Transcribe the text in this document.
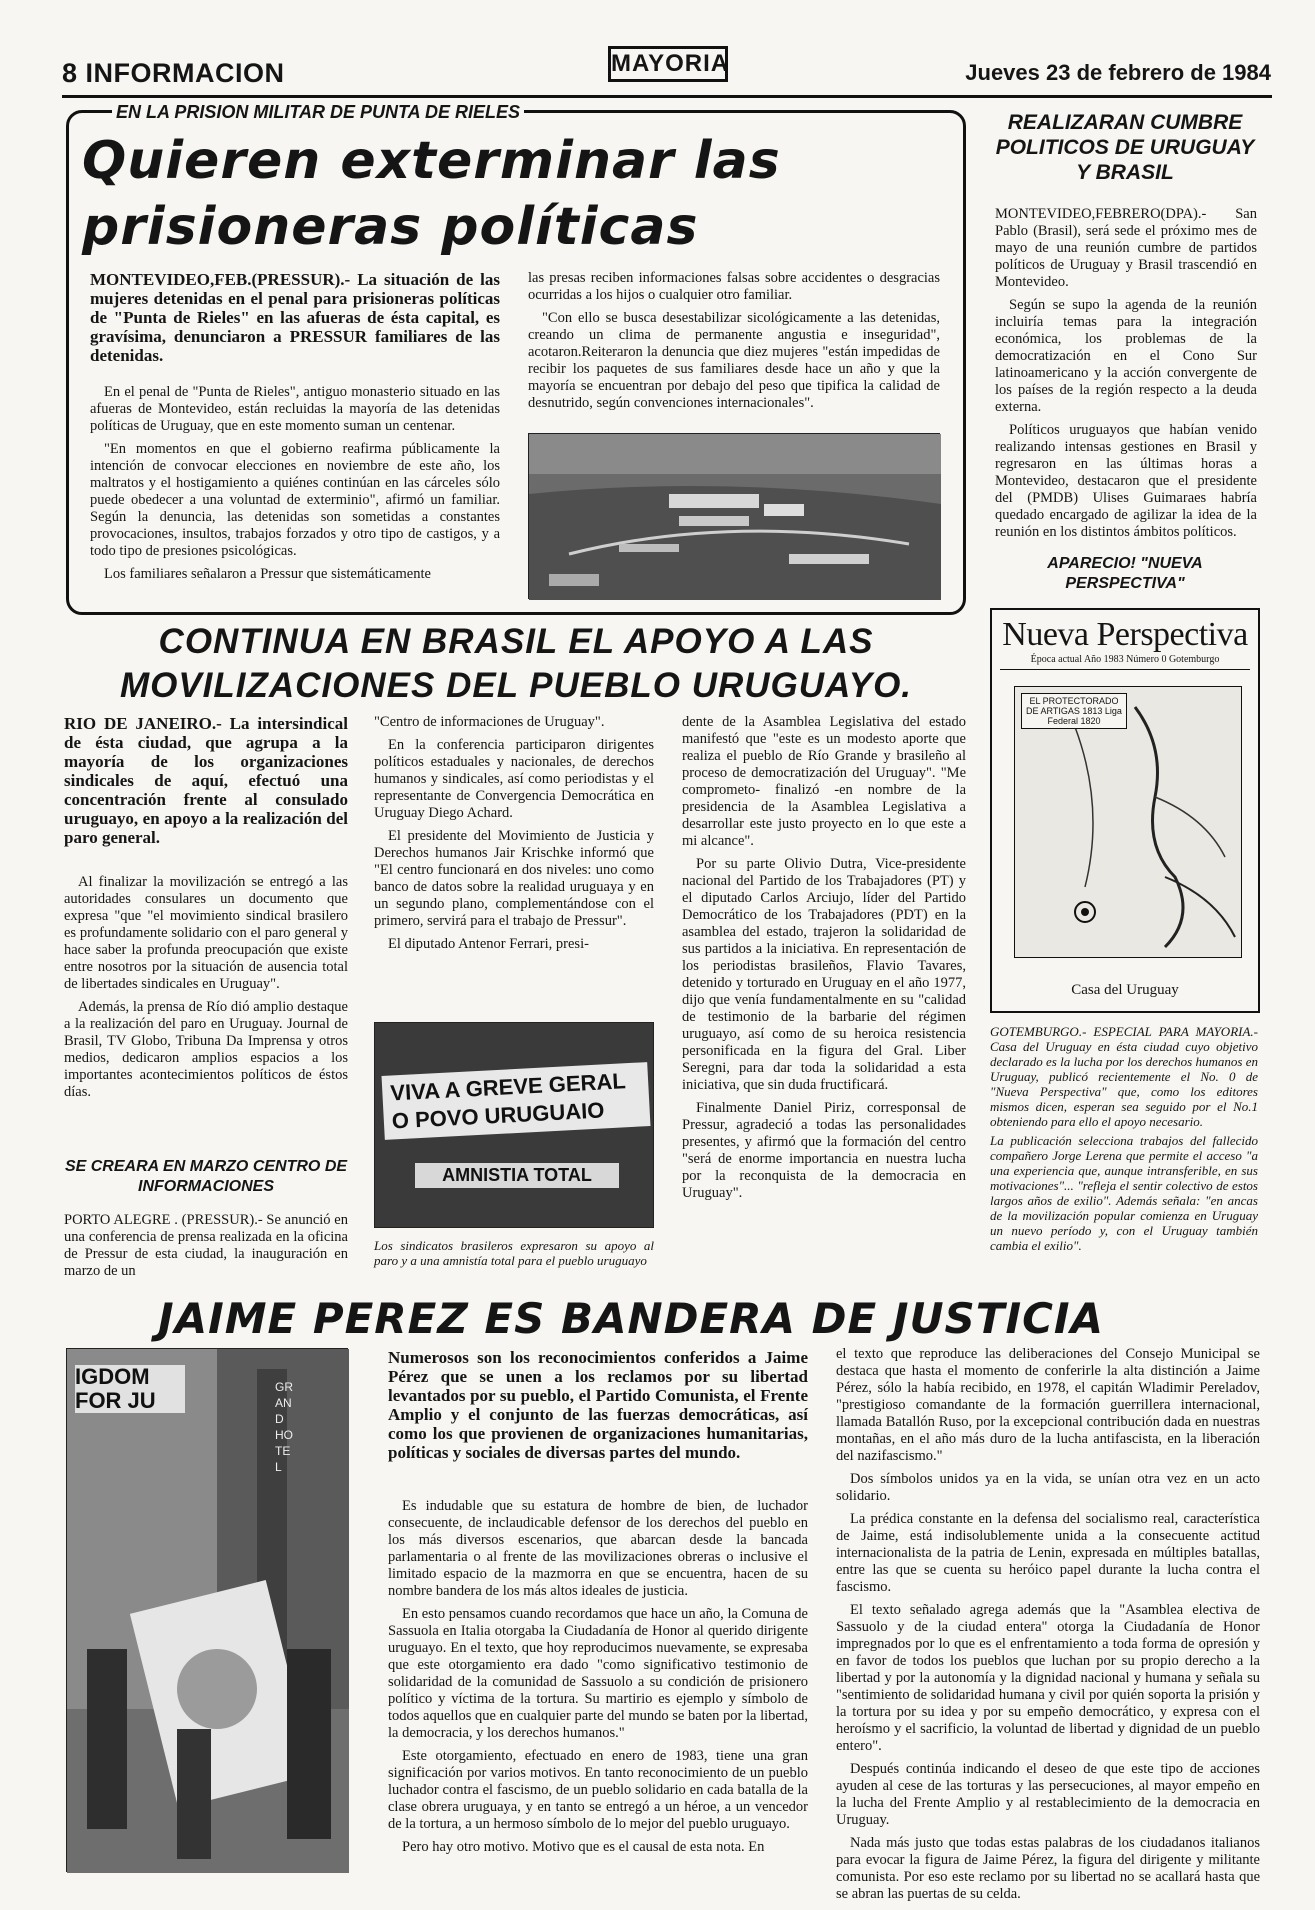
8 INFORMACION	MAYORIA	Jueves 23 de febrero de 1984
EN LA PRISION MILITAR DE PUNTA DE RIELES
Quieren exterminar las prisioneras políticas
MONTEVIDEO,FEB.(PRESSUR).- La situación de las mujeres detenidas en el penal para prisioneras políticas de "Punta de Rieles" en las afueras de ésta capital, es gravísima, denunciaron a PRESSUR familiares de las detenidas.

En el penal de "Punta de Rieles", antiguo monasterio situado en las afueras de Montevideo, están recluidas la mayoría de las detenidas políticas de Uruguay, que en este momento suman un centenar.

"En momentos en que el gobierno reafirma públicamente la intención de convocar elecciones en noviembre de este año, los maltratos y el hostigamiento a quiénes continúan en las cárceles sólo puede obedecer a una voluntad de exterminio", afirmó un familiar. Según la denuncia, las detenidas son sometidas a constantes provocaciones, insultos, trabajos forzados y otro tipo de castigos, y a todo tipo de presiones psicológicas.

Los familiares señalaron a Pressur que sistemáticamente

las presas reciben informaciones falsas sobre accidentes o desgracias ocurridas a los hijos o cualquier otro familiar.

"Con ello se busca desestabilizar sicológicamente a las detenidas, creando un clima de permanente angustia e inseguridad", acotaron.Reiteraron la denuncia que diez mujeres "están impedidas de recibir los paquetes de sus familiares desde hace un año y que la mayoría se encuentran por debajo del peso que tipifica la calidad de desnutrido, según convenciones internacionales".

REALIZARAN CUMBRE POLITICOS DE URUGUAY Y BRASIL

MONTEVIDEO,FEBRERO(DPA).- San Pablo (Brasil), será sede el próximo mes de mayo de una reunión cumbre de partidos políticos de Uruguay y Brasil trascendió en Montevideo.

Según se supo la agenda de la reunión incluiría temas para la integración económica, los problemas de la democratización en el Cono Sur latinoamericano y la acción convergente de los países de la región respecto a la deuda externa.

Políticos uruguayos que habían venido realizando intensas gestiones en Brasil y regresaron en las últimas horas a Montevideo, destacaron que el presidente del (PMDB) Ulises Guimaraes habría quedado encargado de agilizar la idea de la reunión en los distintos ámbitos políticos.

APARECIO! "NUEVA PERSPECTIVA"
Nueva Perspectiva
Época actual Año 1983 Número 0 Gotemburgo
EL PROTECTORADO DE ARTIGAS 1813 Liga Federal 1820
Casa del Uruguay

GOTEMBURGO.- ESPECIAL PARA MAYORIA.- Casa del Uruguay en ésta ciudad cuyo objetivo declarado es la lucha por los derechos humanos en Uruguay, publicó recientemente el No. 0 de "Nueva Perspectiva" que, como los editores mismos dicen, esperan sea seguido por el No.1 obteniendo para ello el apoyo necesario.

La publicación selecciona trabajos del fallecido compañero Jorge Lerena que permite el acceso "a una experiencia que, aunque intransferible, en sus motivaciones"... "refleja el sentir colectivo de estos largos años de exilio". Además señala: "en ancas de la movilización popular comienza en Uruguay un nuevo período y, con el Uruguay también cambia el exilio".

CONTINUA EN BRASIL EL APOYO A LAS MOVILIZACIONES DEL PUEBLO URUGUAYO.
RIO DE JANEIRO.- La intersindical de ésta ciudad, que agrupa a la mayoría de los organizaciones sindicales de aquí, efectuó una concentración frente al consulado uruguayo, en apoyo a la realización del paro general.

Al finalizar la movilización se entregó a las autoridades consulares un documento que expresa "que "el movimiento sindical brasilero es profundamente solidario con el paro general y hace saber la profunda preocupación que existe entre nosotros por la situación de ausencia total de libertades sindicales en Uruguay".

Además, la prensa de Río dió amplio destaque a la realización del paro en Uruguay. Journal de Brasil, TV Globo, Tribuna Da Imprensa y otros medios, dedicaron amplios espacios a los importantes acontecimientos políticos de éstos días.

SE CREARA EN MARZO CENTRO DE INFORMACIONES
PORTO ALEGRE . (PRESSUR).- Se anunció en una conferencia de prensa realizada en la oficina de Pressur de esta ciudad, la inauguración en marzo de un

"Centro de informaciones de Uruguay".

En la conferencia participaron dirigentes políticos estaduales y nacionales, de derechos humanos y sindicales, así como periodistas y el representante de Convergencia Democrática en Uruguay Diego Achard.

El presidente del Movimiento de Justicia y Derechos humanos Jair Krischke informó que "El centro funcionará en dos niveles: uno como banco de datos sobre la realidad uruguaya y en un segundo plano, complementándose con el primero, servirá para el trabajo de Pressur".

El diputado Antenor Ferrari, presi-

VIVA A GREVE GERAL
O POVO URUGUAIO
AMNISTIA TOTAL
Los sindicatos brasileros expresaron su apoyo al paro y a una amnistía total para el pueblo uruguayo

dente de la Asamblea Legislativa del estado manifestó que "este es un modesto aporte que realiza el pueblo de Río Grande y brasileño al proceso de democratización del Uruguay". "Me comprometo- finalizó -en nombre de la presidencia de la Asamblea Legislativa a desarrollar este justo proyecto en lo que este a mi alcance".

Por su parte Olivio Dutra, Vice-presidente nacional del Partido de los Trabajadores (PT) y el diputado Carlos Arciujo, líder del Partido Democrático de los Trabajadores (PDT) en la asamblea del estado, trajeron la solidaridad de sus partidos a la iniciativa. En representación de los periodistas brasileños, Flavio Tavares, detenido y torturado en Uruguay en el año 1977, dijo que venía fundamentalmente en su "calidad de testimonio de la barbarie del régimen uruguayo, así como de su heroica resistencia personificada en la figura del Gral. Liber Seregni, para dar toda la solidaridad a esta iniciativa, que sin duda fructificará.

Finalmente Daniel Piriz, corresponsal de Pressur, agradeció a todas las personalidades presentes, y afirmó que la formación del centro "será de enorme importancia en nuestra lucha por la reconquista de la democracia en Uruguay".

JAIME PEREZ ES BANDERA DE JUSTICIA
IGDOM FOR JU
GRAND HOTEL
Numerosos son los reconocimientos conferidos a Jaime Pérez que se unen a los reclamos por su libertad levantados por su pueblo, el Partido Comunista, el Frente Amplio y el conjunto de las fuerzas democráticas, así como los que provienen de organizaciones humanitarias, políticas y sociales de diversas partes del mundo.

Es indudable que su estatura de hombre de bien, de luchador consecuente, de inclaudicable defensor de los derechos del pueblo en los más diversos escenarios, que abarcan desde la bancada parlamentaria o al frente de las movilizaciones obreras o inclusive el limitado espacio de la mazmorra en que se encuentra, hacen de su nombre bandera de los más altos ideales de justicia.

En esto pensamos cuando recordamos que hace un año, la Comuna de Sassuola en Italia otorgaba la Ciudadanía de Honor al querido dirigente uruguayo. En el texto, que hoy reproducimos nuevamente, se expresaba que este otorgamiento era dado "como significativo testimonio de solidaridad de la comunidad de Sassuolo a su condición de prisionero político y víctima de la tortura. Su martirio es ejemplo y símbolo de todos aquellos que en cualquier parte del mundo se baten por la libertad, la democracia, y los derechos humanos."

Este otorgamiento, efectuado en enero de 1983, tiene una gran significación por varios motivos. En tanto reconocimiento de un pueblo luchador contra el fascismo, de un pueblo solidario en cada batalla de la clase obrera uruguaya, y en tanto se entregó a un héroe, a un vencedor de la tortura, a un hermoso símbolo de lo mejor del pueblo uruguayo.

Pero hay otro motivo. Motivo que es el causal de esta nota. En

el texto que reproduce las deliberaciones del Consejo Municipal se destaca que hasta el momento de conferirle la alta distinción a Jaime Pérez, sólo la había recibido, en 1978, el capitán Wladimir Pereladov, "prestigioso comandante de la formación guerrillera internacional, llamada Batallón Ruso, por la excepcional contribución dada en nuestras montañas, en el año más duro de la lucha antifascista, en la liberación del nazifascismo."

Dos símbolos unidos ya en la vida, se unían otra vez en un acto solidario.

La prédica constante en la defensa del socialismo real, característica de Jaime, está indisolublemente unida a la consecuente actitud internacionalista de la patria de Lenin, expresada en múltiples batallas, entre las que se cuenta su heróico papel durante la lucha contra el fascismo.

El texto señalado agrega además que la "Asamblea electiva de Sassuolo y de la ciudad entera" otorga la Ciudadanía de Honor impregnados por lo que es el enfrentamiento a toda forma de opresión y en favor de todos los pueblos que luchan por su propio derecho a la libertad y por la autonomía y la dignidad nacional y humana y señala su "sentimiento de solidaridad humana y civil por quién soporta la prisión y la tortura por su idea y por su empeño democrático, y expresa con el heroísmo y el sacrificio, la voluntad de libertad y dignidad de un pueblo entero".

Después continúa indicando el deseo de que este tipo de acciones ayuden al cese de las torturas y las persecuciones, al mayor empeño en la lucha del Frente Amplio y al restablecimiento de la democracia en Uruguay.

Nada más justo que todas estas palabras de los ciudadanos italianos para evocar la figura de Jaime Pérez, la figura del dirigente y militante comunista. Por eso este reclamo por su libertad no se acallará hasta que se abran las puertas de su celda.
